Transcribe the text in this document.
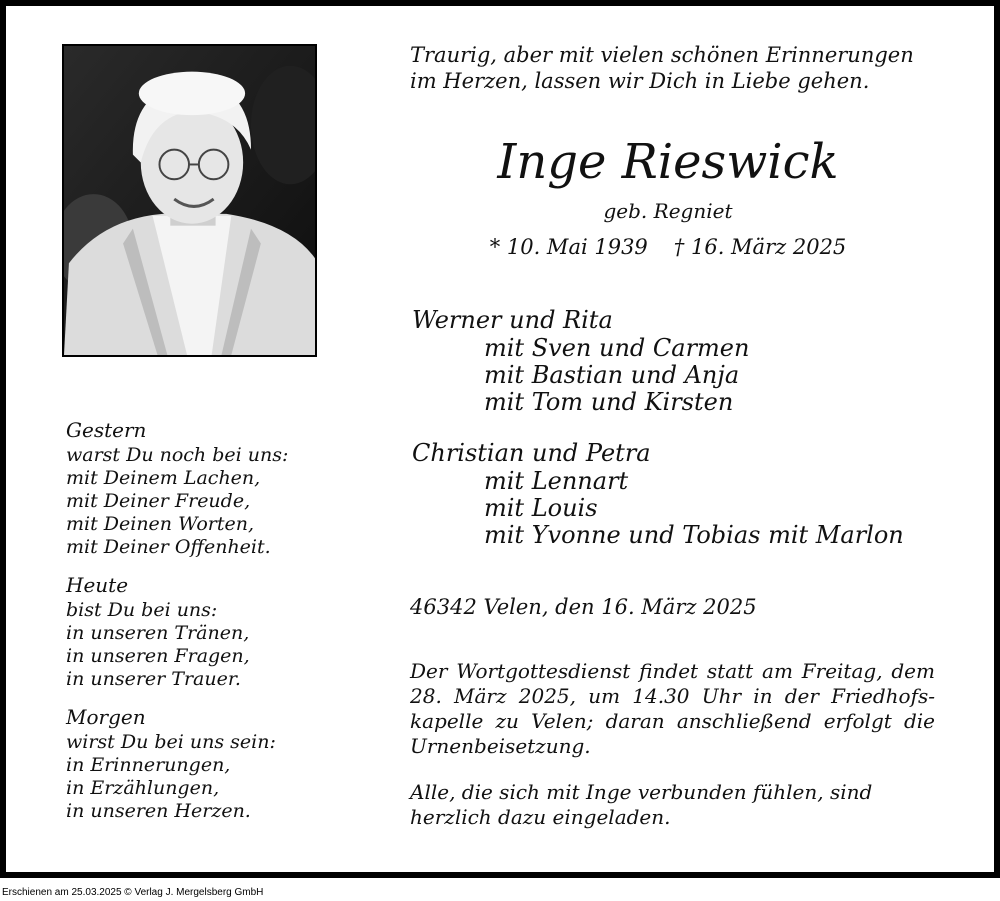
Gestern
warst Du noch bei uns:
mit Deinem Lachen,
mit Deiner Freude,
mit Deinen Worten,
mit Deiner Offenheit.
Heute
bist Du bei uns:
in unseren Tränen,
in unseren Fragen,
in unserer Trauer.
Morgen
wirst Du bei uns sein:
in Erinnerungen,
in Erzählungen,
in unseren Herzen.
Traurig, aber mit vielen schönen Erinnerungen
im Herzen, lassen wir Dich in Liebe gehen.
Inge Rieswick
geb. Regniet
* 10. Mai 1939 † 16. März 2025
Werner und Rita
mit Sven und Carmen
mit Bastian und Anja
mit Tom und Kirsten
Christian und Petra
mit Lennart
mit Louis
mit Yvonne und Tobias mit Marlon
46342 Velen, den 16. März 2025
Der Wortgottesdienst findet statt am Freitag, dem 28. März 2025, um 14.30 Uhr in der Friedhofskapelle zu Velen; daran anschließend erfolgt die Urnenbeisetzung.
Alle, die sich mit Inge verbunden fühlen, sind herzlich dazu eingeladen.
Erschienen am 25.03.2025 © Verlag J. Mergelsberg GmbH
